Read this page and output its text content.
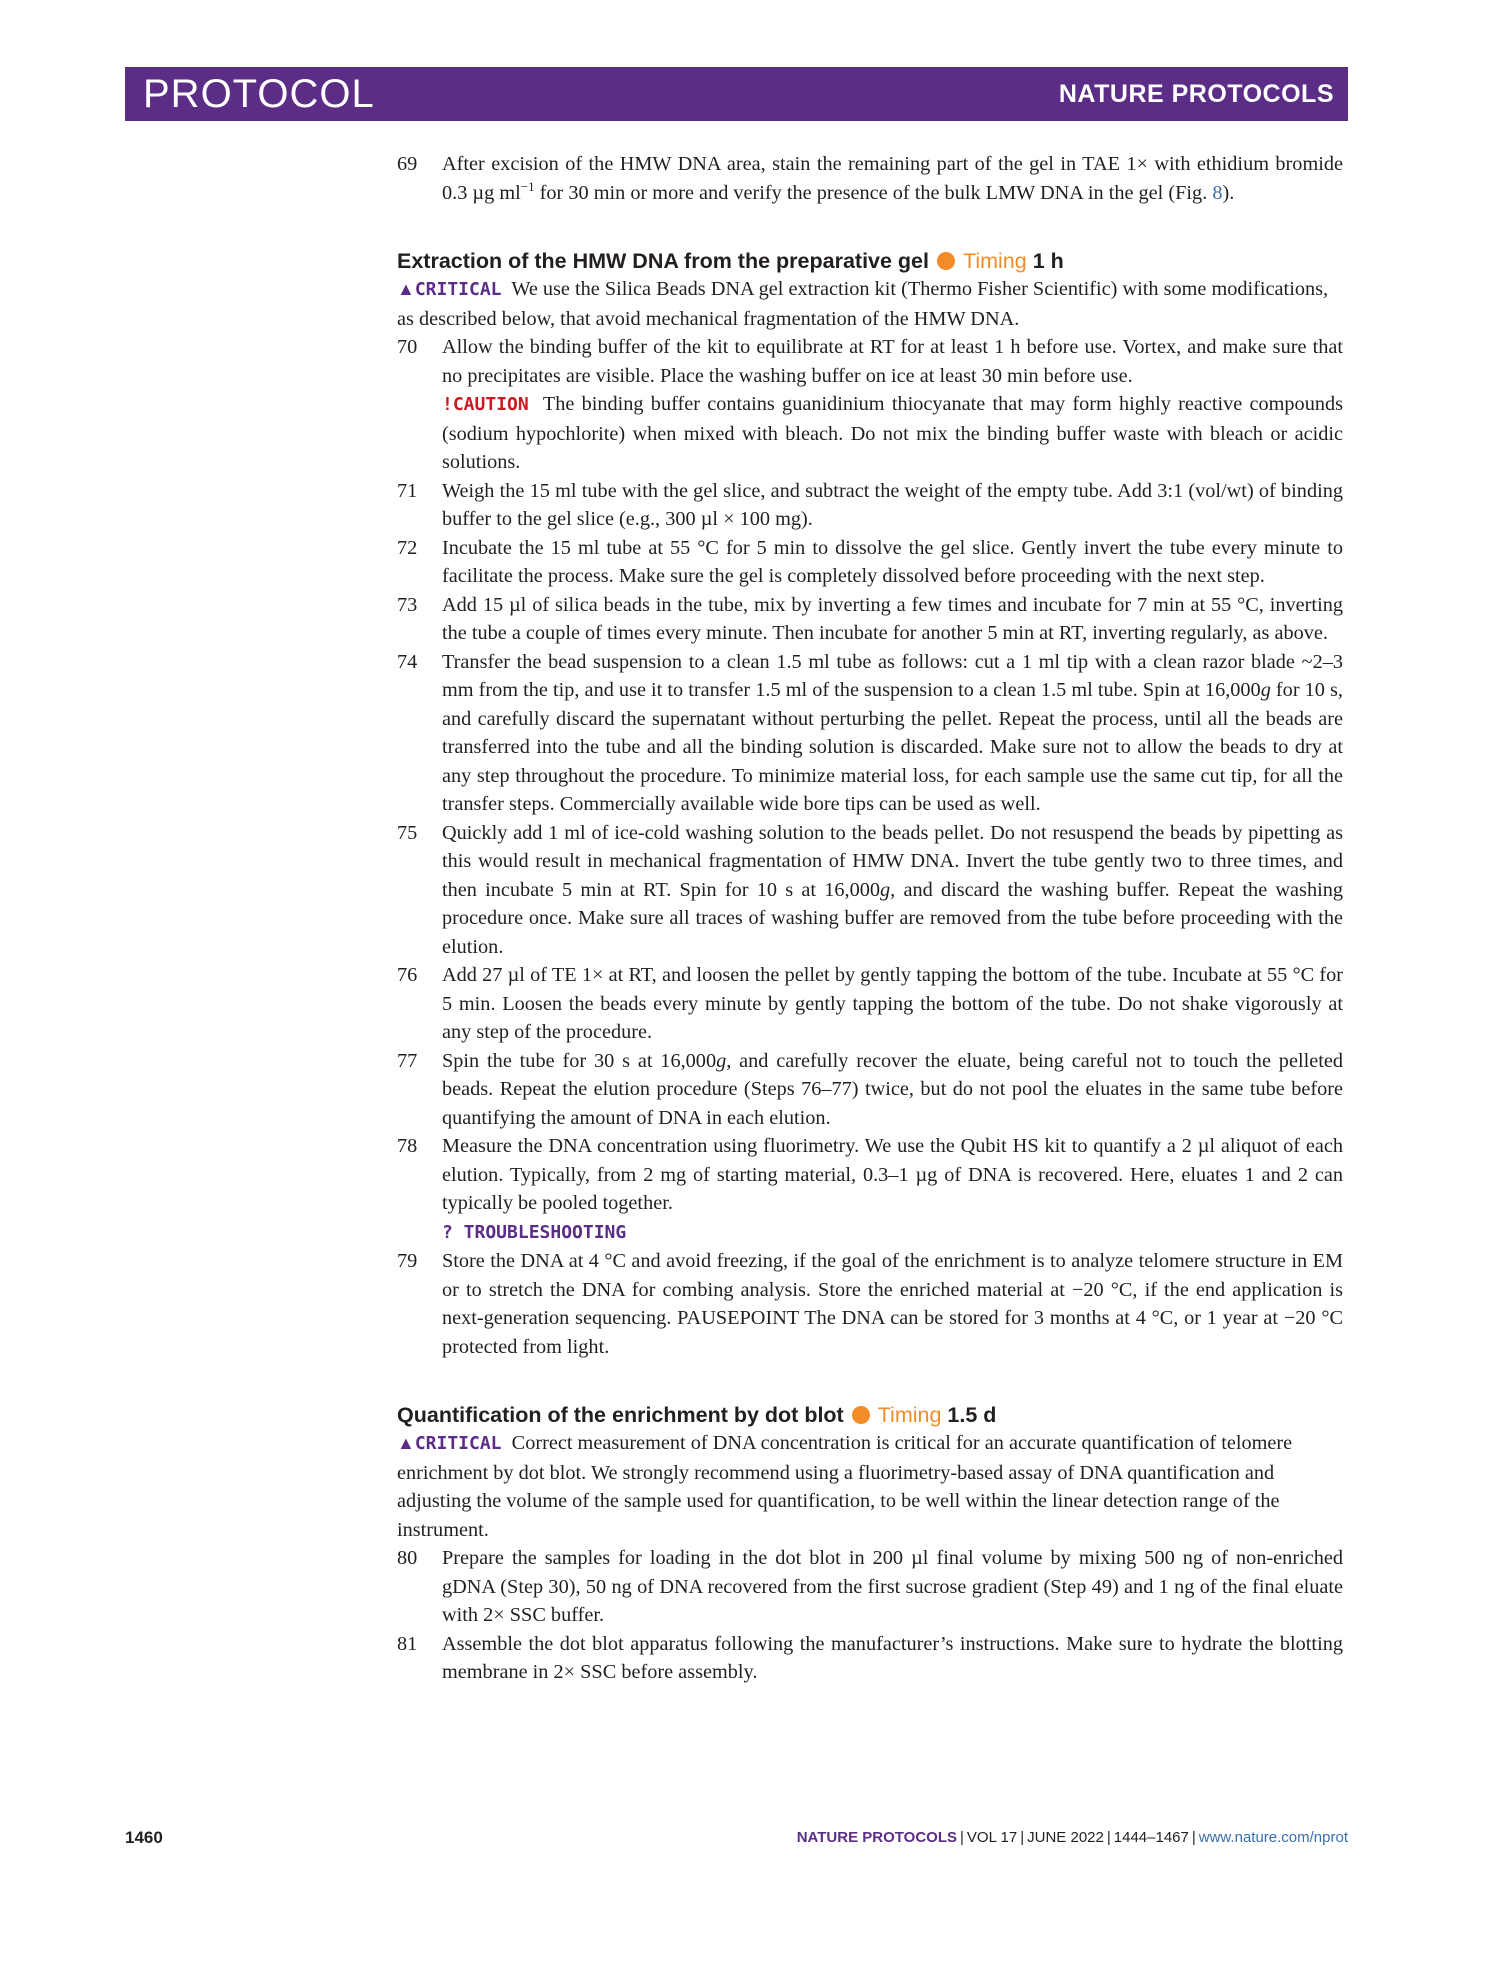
PROTOCOL	NATURE PROTOCOLS
69	After excision of the HMW DNA area, stain the remaining part of the gel in TAE 1× with ethidium bromide 0.3 µg $ml^{-1}$ for 30 min or more and verify the presence of the bulk LMW DNA in the gel (Fig. 8).
Extraction of the HMW DNA from the preparative gel Timing 1 h
▲CRITICAL We use the Silica Beads DNA gel extraction kit (Thermo Fisher Scientific) with some modifications, as described below, that avoid mechanical fragmentation of the HMW DNA.
70	Allow the binding buffer of the kit to equilibrate at RT for at least 1 h before use. Vortex, and make sure that no precipitates are visible. Place the washing buffer on ice at least 30 min before use.
!CAUTION The binding buffer contains guanidinium thiocyanate that may form highly reactive compounds (sodium hypochlorite) when mixed with bleach. Do not mix the binding buffer waste with bleach or acidic solutions.
71	Weigh the 15 ml tube with the gel slice, and subtract the weight of the empty tube. Add 3:1 (vol/wt) of binding buffer to the gel slice (e.g., 300 µl × 100 mg).
72	Incubate the 15 ml tube at 55 °C for 5 min to dissolve the gel slice. Gently invert the tube every minute to facilitate the process. Make sure the gel is completely dissolved before proceeding with the next step.
73	Add 15 µl of silica beads in the tube, mix by inverting a few times and incubate for 7 min at 55 °C, inverting the tube a couple of times every minute. Then incubate for another 5 min at RT, inverting regularly, as above.
74	Transfer the bead suspension to a clean 1.5 ml tube as follows: cut a 1 ml tip with a clean razor blade ~2–3 mm from the tip, and use it to transfer 1.5 ml of the suspension to a clean 1.5 ml tube. Spin at 16,000g for 10 s, and carefully discard the supernatant without perturbing the pellet. Repeat the process, until all the beads are transferred into the tube and all the binding solution is discarded. Make sure not to allow the beads to dry at any step throughout the procedure. To minimize material loss, for each sample use the same cut tip, for all the transfer steps. Commercially available wide bore tips can be used as well.
75	Quickly add 1 ml of ice-cold washing solution to the beads pellet. Do not resuspend the beads by pipetting as this would result in mechanical fragmentation of HMW DNA. Invert the tube gently two to three times, and then incubate 5 min at RT. Spin for 10 s at 16,000g, and discard the washing buffer. Repeat the washing procedure once. Make sure all traces of washing buffer are removed from the tube before proceeding with the elution.
76	Add 27 µl of TE 1× at RT, and loosen the pellet by gently tapping the bottom of the tube. Incubate at 55 °C for 5 min. Loosen the beads every minute by gently tapping the bottom of the tube. Do not shake vigorously at any step of the procedure.
77	Spin the tube for 30 s at 16,000g, and carefully recover the eluate, being careful not to touch the pelleted beads. Repeat the elution procedure (Steps 76–77) twice, but do not pool the eluates in the same tube before quantifying the amount of DNA in each elution.
78	Measure the DNA concentration using fluorimetry. We use the Qubit HS kit to quantify a 2 µl aliquot of each elution. Typically, from 2 mg of starting material, 0.3–1 µg of DNA is recovered. Here, eluates 1 and 2 can typically be pooled together.
? TROUBLESHOOTING
79	Store the DNA at 4 °C and avoid freezing, if the goal of the enrichment is to analyze telomere structure in EM or to stretch the DNA for combing analysis. Store the enriched material at −20 °C, if the end application is next-generation sequencing. PAUSEPOINT The DNA can be stored for 3 months at 4 °C, or 1 year at −20 °C protected from light.
Quantification of the enrichment by dot blot Timing 1.5 d
▲CRITICAL Correct measurement of DNA concentration is critical for an accurate quantification of telomere enrichment by dot blot. We strongly recommend using a fluorimetry-based assay of DNA quantification and adjusting the volume of the sample used for quantification, to be well within the linear detection range of the instrument.
80	Prepare the samples for loading in the dot blot in 200 µl final volume by mixing 500 ng of non-enriched gDNA (Step 30), 50 ng of DNA recovered from the first sucrose gradient (Step 49) and 1 ng of the final eluate with 2× SSC buffer.
81	Assemble the dot blot apparatus following the manufacturer’s instructions. Make sure to hydrate the blotting membrane in 2× SSC before assembly.
1460	NATURE PROTOCOLS | VOL 17 | JUNE 2022 | 1444–1467 | www.nature.com/nprot
